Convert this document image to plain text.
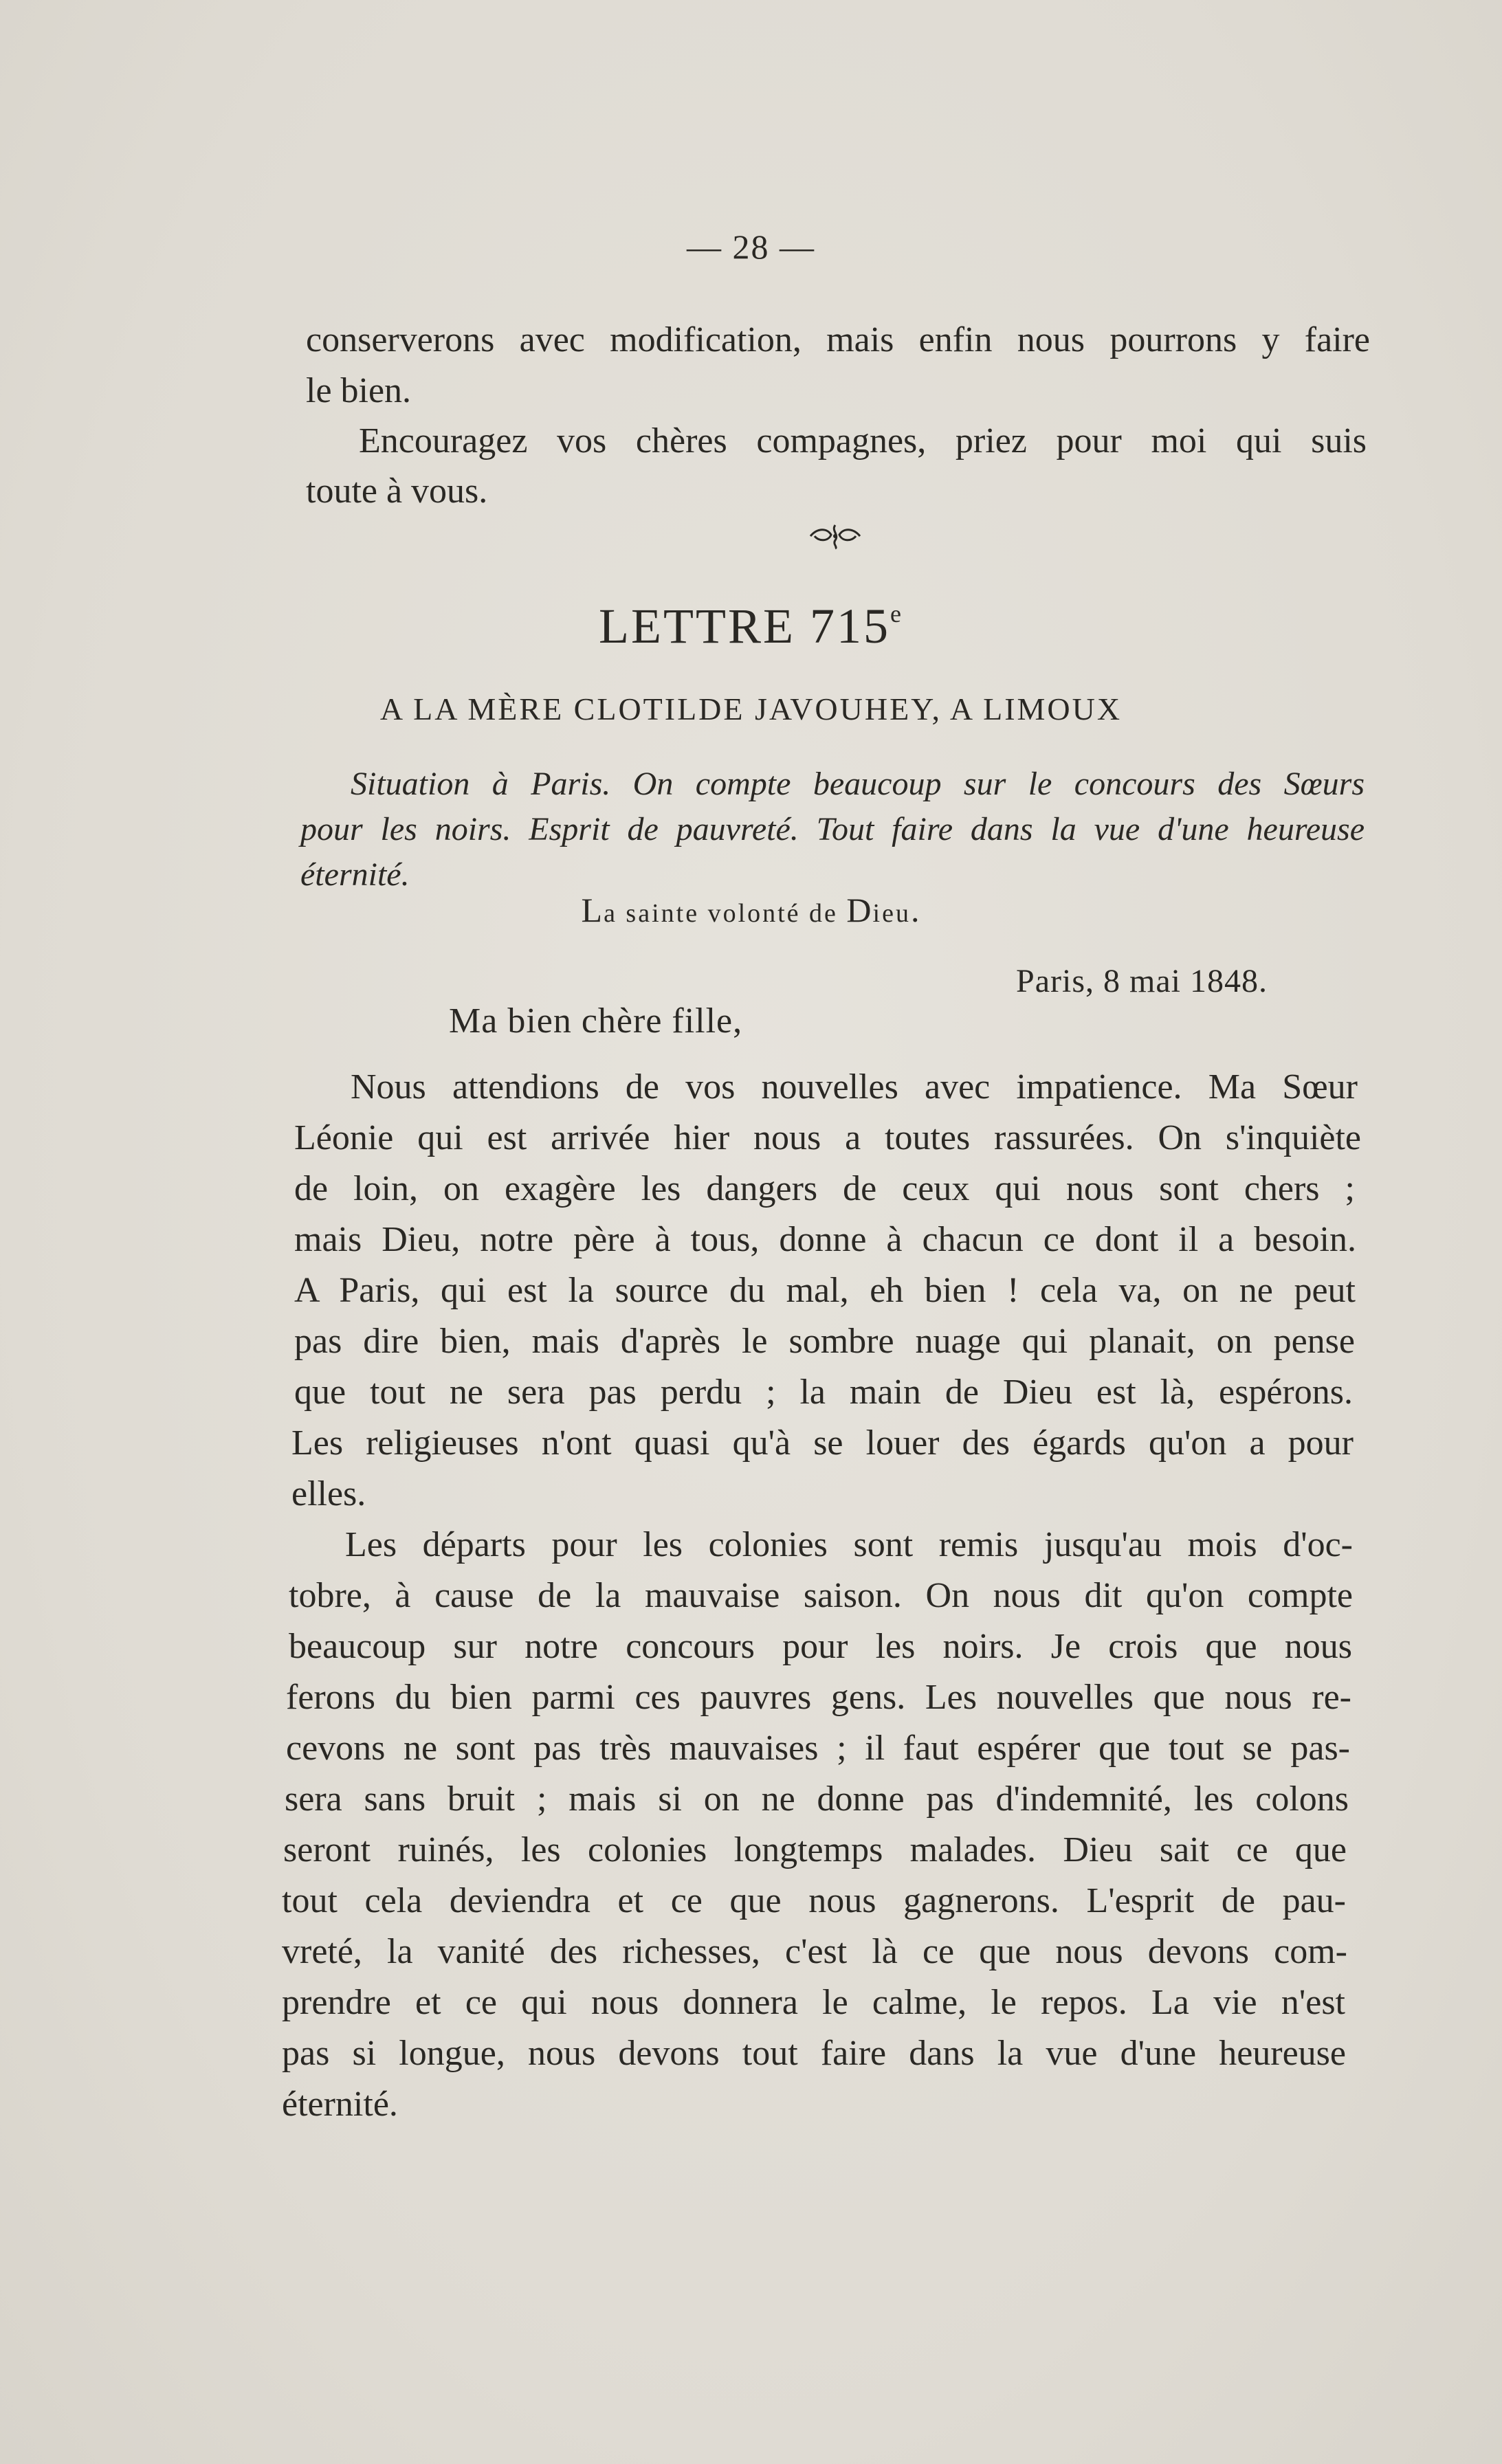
— 28 —
conserverons avec modification, mais enfin nous pourrons y faire
le bien.
Encouragez vos chères compagnes, priez pour moi qui suis
toute à vous.
LETTRE 715e
A LA MÈRE CLOTILDE JAVOUHEY, A LIMOUX
Situation à Paris. On compte beaucoup sur le concours des Sœurs
pour les noirs. Esprit de pauvreté. Tout faire dans la vue d'une heureuse
éternité.
La sainte volonté de Dieu.
Paris, 8 mai 1848.
Ma bien chère fille,
Nous attendions de vos nouvelles avec impatience. Ma Sœur
Léonie qui est arrivée hier nous a toutes rassurées. On s'inquiète
de loin, on exagère les dangers de ceux qui nous sont chers ;
mais Dieu, notre père à tous, donne à chacun ce dont il a besoin.
A Paris, qui est la source du mal, eh bien ! cela va, on ne peut
pas dire bien, mais d'après le sombre nuage qui planait, on pense
que tout ne sera pas perdu ; la main de Dieu est là, espérons.
Les religieuses n'ont quasi qu'à se louer des égards qu'on a pour
elles.
Les départs pour les colonies sont remis jusqu'au mois d'oc-
tobre, à cause de la mauvaise saison. On nous dit qu'on compte
beaucoup sur notre concours pour les noirs. Je crois que nous
ferons du bien parmi ces pauvres gens. Les nouvelles que nous re-
cevons ne sont pas très mauvaises ; il faut espérer que tout se pas-
sera sans bruit ; mais si on ne donne pas d'indemnité, les colons
seront ruinés, les colonies longtemps malades. Dieu sait ce que
tout cela deviendra et ce que nous gagnerons. L'esprit de pau-
vreté, la vanité des richesses, c'est là ce que nous devons com-
prendre et ce qui nous donnera le calme, le repos. La vie n'est
pas si longue, nous devons tout faire dans la vue d'une heureuse
éternité.
